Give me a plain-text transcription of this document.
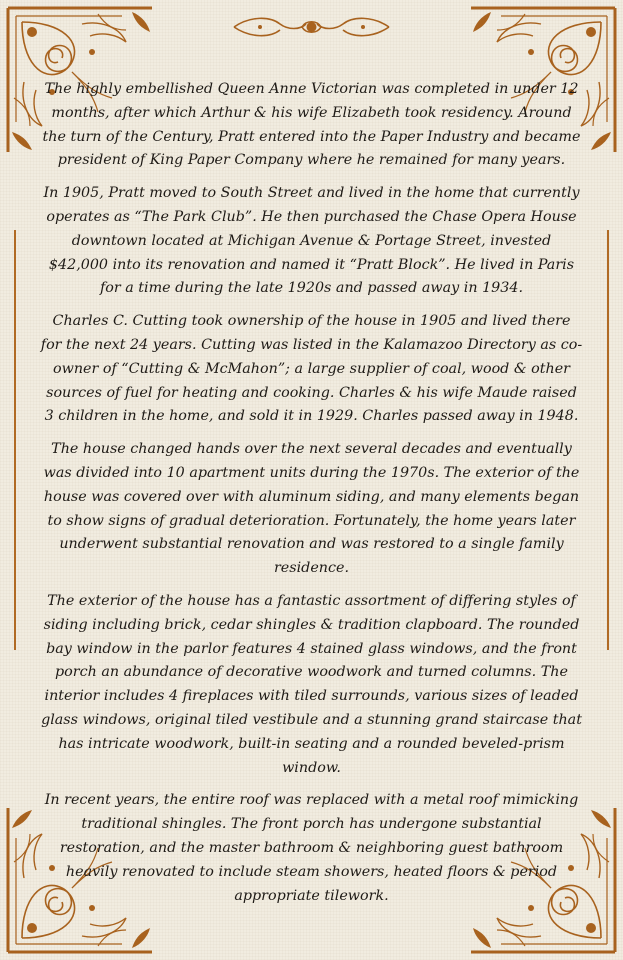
The highly embellished Queen Anne Victorian was completed in under 12 months, after which Arthur & his wife Elizabeth took residency. Around the turn of the Century, Pratt entered into the Paper Industry and became president of King Paper Company where he remained for many years.

In 1905, Pratt moved to South Street and lived in the home that currently operates as “The Park Club”. He then purchased the Chase Opera House downtown located at Michigan Avenue & Portage Street, invested $42,000 into its renovation and named it “Pratt Block”. He lived in Paris for a time during the late 1920s and passed away in 1934.

Charles C. Cutting took ownership of the house in 1905 and lived there for the next 24 years. Cutting was listed in the Kalamazoo Directory as co-owner of “Cutting & McMahon”; a large supplier of coal, wood & other sources of fuel for heating and cooking. Charles & his wife Maude raised 3 children in the home, and sold it in 1929. Charles passed away in 1948.

The house changed hands over the next several decades and eventually was divided into 10 apartment units during the 1970s. The exterior of the house was covered over with aluminum siding, and many elements began to show signs of gradual deterioration. Fortunately, the home years later underwent substantial renovation and was restored to a single family residence.

The exterior of the house has a fantastic assortment of differing styles of siding including brick, cedar shingles & tradition clapboard. The rounded bay window in the parlor features 4 stained glass windows, and the front porch an abundance of decorative woodwork and turned columns. The interior includes 4 fireplaces with tiled surrounds, various sizes of leaded glass windows, original tiled vestibule and a stunning grand staircase that has intricate woodwork, built-in seating and a rounded beveled-prism window.

In recent years, the entire roof was replaced with a metal roof mimicking traditional shingles. The front porch has undergone substantial restoration, and the master bathroom & neighboring guest bathroom heavily renovated to include steam showers, heated floors & period appropriate tilework.
